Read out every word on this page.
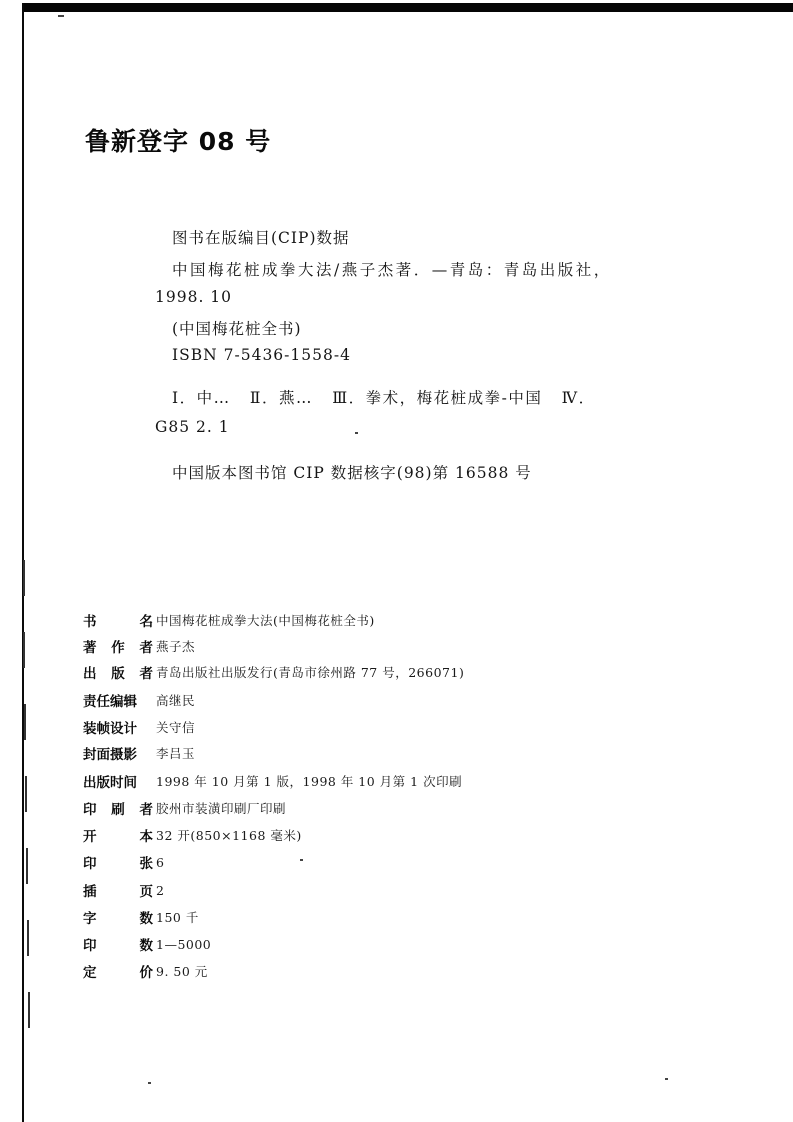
鲁新登字 08 号
图书在版编目(CIP)数据
中国梅花桩成拳大法/燕子杰著．—青岛：青岛出版社，
1998. 10
(中国梅花桩全书)
ISBN 7-5436-1558-4
Ⅰ．中…   Ⅱ．燕…   Ⅲ．拳术，梅花桩成拳-中国   Ⅳ．
G85 2. 1
中国版本图书馆 CIP 数据核字(98)第 16588 号
书	名 中国梅花桩成拳大法(中国梅花桩全书)
著 作 者 燕子杰
出 版 者 青岛出版社出版发行(青岛市徐州路 77 号，266071)
责任编辑 高继民
装帧设计 关守信
封面摄影 李吕玉
出版时间 1998 年 10 月第 1 版，1998 年 10 月第 1 次印刷
印 刷 者 胶州市装潢印刷厂印刷
开	本 32 开(850×1168 毫米)
印	张 6
插	页 2
字	数 150 千
印	数 1—5000
定	价 9. 50 元
